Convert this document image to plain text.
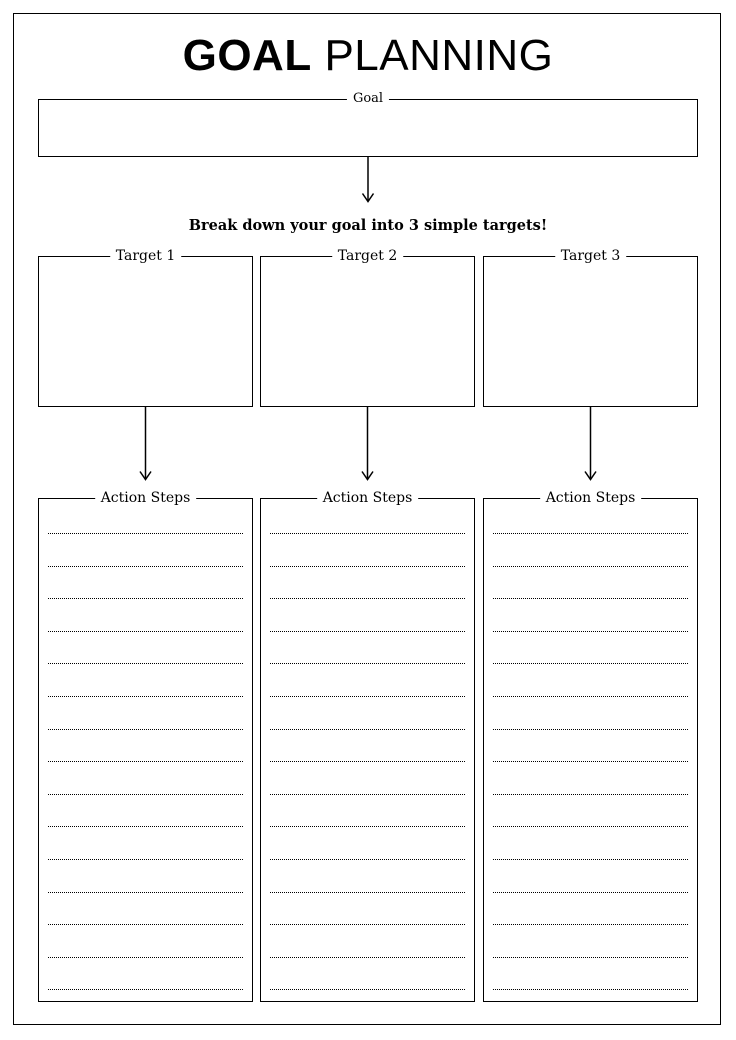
GOAL PLANNING
Goal
Break down your goal into 3 simple targets!
Target 1	Target 2	Target 3
Action Steps	Action Steps	Action Steps
